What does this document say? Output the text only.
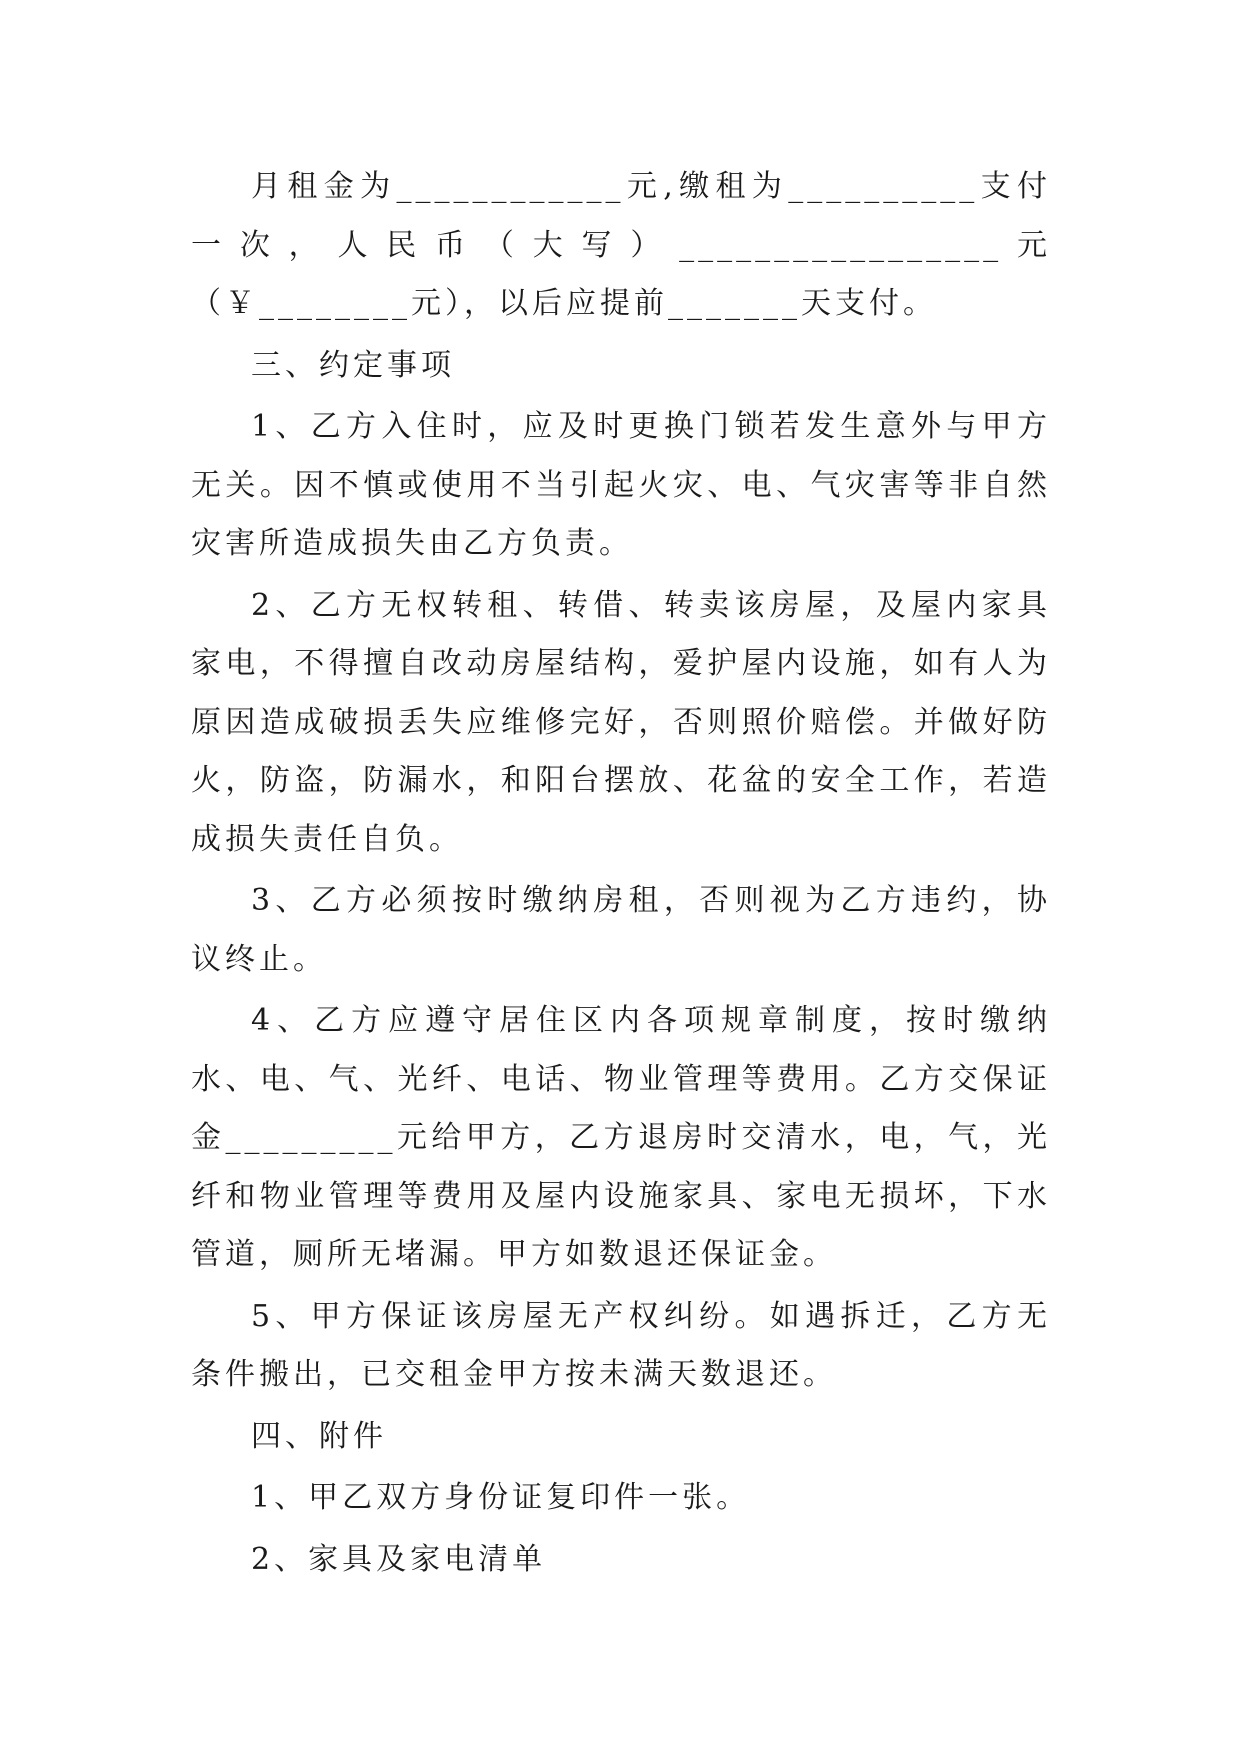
月租金为____________元,缴租为__________支付一次，人民币（大写）_________________元（￥________元），以后应提前_______天支付。

三、约定事项

1、乙方入住时，应及时更换门锁若发生意外与甲方无关。因不慎或使用不当引起火灾、电、气灾害等非自然灾害所造成损失由乙方负责。

2、乙方无权转租、转借、转卖该房屋，及屋内家具家电，不得擅自改动房屋结构，爱护屋内设施，如有人为原因造成破损丢失应维修完好，否则照价赔偿。并做好防火，防盗，防漏水，和阳台摆放、花盆的安全工作，若造成损失责任自负。

3、乙方必须按时缴纳房租，否则视为乙方违约，协议终止。

4、乙方应遵守居住区内各项规章制度，按时缴纳水、电、气、光纤、电话、物业管理等费用。乙方交保证金_________元给甲方，乙方退房时交清水，电，气，光纤和物业管理等费用及屋内设施家具、家电无损坏，下水管道，厕所无堵漏。甲方如数退还保证金。

5、甲方保证该房屋无产权纠纷。如遇拆迁，乙方无条件搬出，已交租金甲方按未满天数退还。

四、附件

1、甲乙双方身份证复印件一张。

2、家具及家电清单
